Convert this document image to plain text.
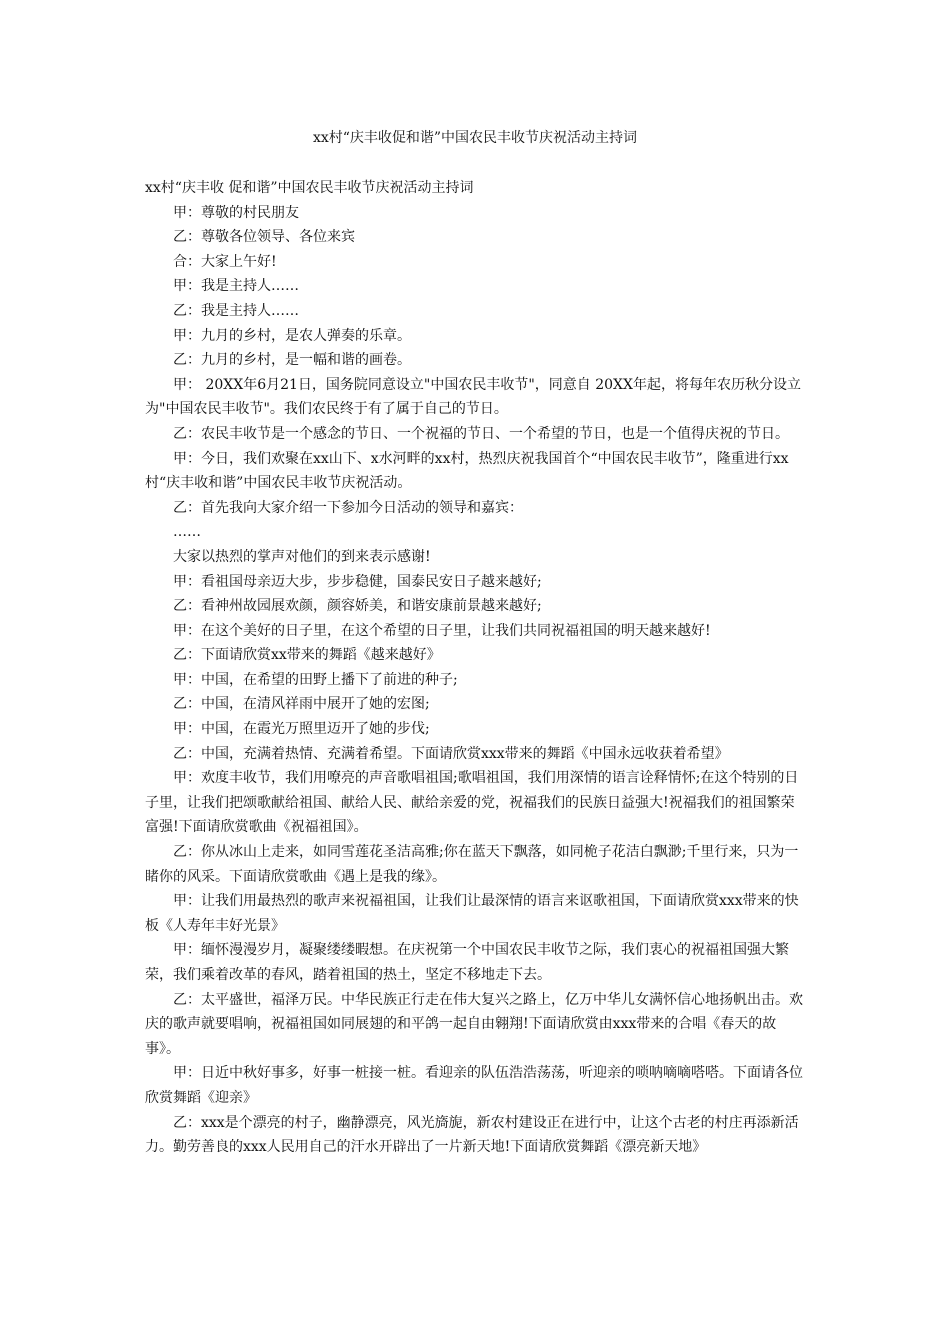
xx村“庆丰收促和谐”中国农民丰收节庆祝活动主持词

xx村“庆丰收 促和谐”中国农民丰收节庆祝活动主持词

甲：尊敬的村民朋友

乙：尊敬各位领导、各位来宾

合：大家上午好!

甲：我是主持人……

乙：我是主持人……

甲：九月的乡村，是农人弹奏的乐章。

乙：九月的乡村，是一幅和谐的画卷。

甲： 20XX年6月21日，国务院同意设立"中国农民丰收节"，同意自 20XX年起，将每年农历秋分设立为"中国农民丰收节"。我们农民终于有了属于自己的节日。

乙：农民丰收节是一个感念的节日、一个祝福的节日、一个希望的节日，也是一个值得庆祝的节日。

甲：今日，我们欢聚在xx山下、x水河畔的xx村，热烈庆祝我国首个“中国农民丰收节”，隆重进行xx村“庆丰收和谐”中国农民丰收节庆祝活动。

乙：首先我向大家介绍一下参加今日活动的领导和嘉宾：

……

大家以热烈的掌声对他们的到来表示感谢!

甲：看祖国母亲迈大步，步步稳健，国泰民安日子越来越好;

乙：看神州故园展欢颜，颜容娇美，和谐安康前景越来越好;

甲：在这个美好的日子里，在这个希望的日子里，让我们共同祝福祖国的明天越来越好!

乙：下面请欣赏xx带来的舞蹈《越来越好》

甲：中国，在希望的田野上播下了前进的种子;

乙：中国，在清风祥雨中展开了她的宏图;

甲：中国，在霞光万照里迈开了她的步伐;

乙：中国，充满着热情、充满着希望。下面请欣赏xxx带来的舞蹈《中国永远收获着希望》

甲：欢度丰收节，我们用嘹亮的声音歌唱祖国;歌唱祖国，我们用深情的语言诠释情怀;在这个特别的日子里，让我们把颂歌献给祖国、献给人民、献给亲爱的党，祝福我们的民族日益强大!祝福我们的祖国繁荣富强!下面请欣赏歌曲《祝福祖国》。

乙：你从冰山上走来，如同雪莲花圣洁高雅;你在蓝天下飘落，如同桅子花洁白飘渺;千里行来，只为一睹你的风采。下面请欣赏歌曲《遇上是我的缘》。

甲：让我们用最热烈的歌声来祝福祖国，让我们让最深情的语言来讴歌祖国，下面请欣赏xxx带来的快板《人寿年丰好光景》

甲：缅怀漫漫岁月，凝聚缕缕暇想。在庆祝第一个中国农民丰收节之际，我们衷心的祝福祖国强大繁荣，我们乘着改革的春风，踏着祖国的热土，坚定不移地走下去。

乙：太平盛世，福泽万民。中华民族正行走在伟大复兴之路上，亿万中华儿女满怀信心地扬帆出击。欢庆的歌声就要唱响，祝福祖国如同展翅的和平鸽一起自由翱翔!下面请欣赏由xxx带来的合唱《春天的故事》。

甲：日近中秋好事多，好事一桩接一桩。看迎亲的队伍浩浩荡荡，听迎亲的唢呐嘀嘀嗒嗒。下面请各位欣赏舞蹈《迎亲》

乙：xxx是个漂亮的村子，幽静漂亮，风光旖旎，新农村建设正在进行中，让这个古老的村庄再添新活力。勤劳善良的xxx人民用自己的汗水开辟出了一片新天地!下面请欣赏舞蹈《漂亮新天地》
